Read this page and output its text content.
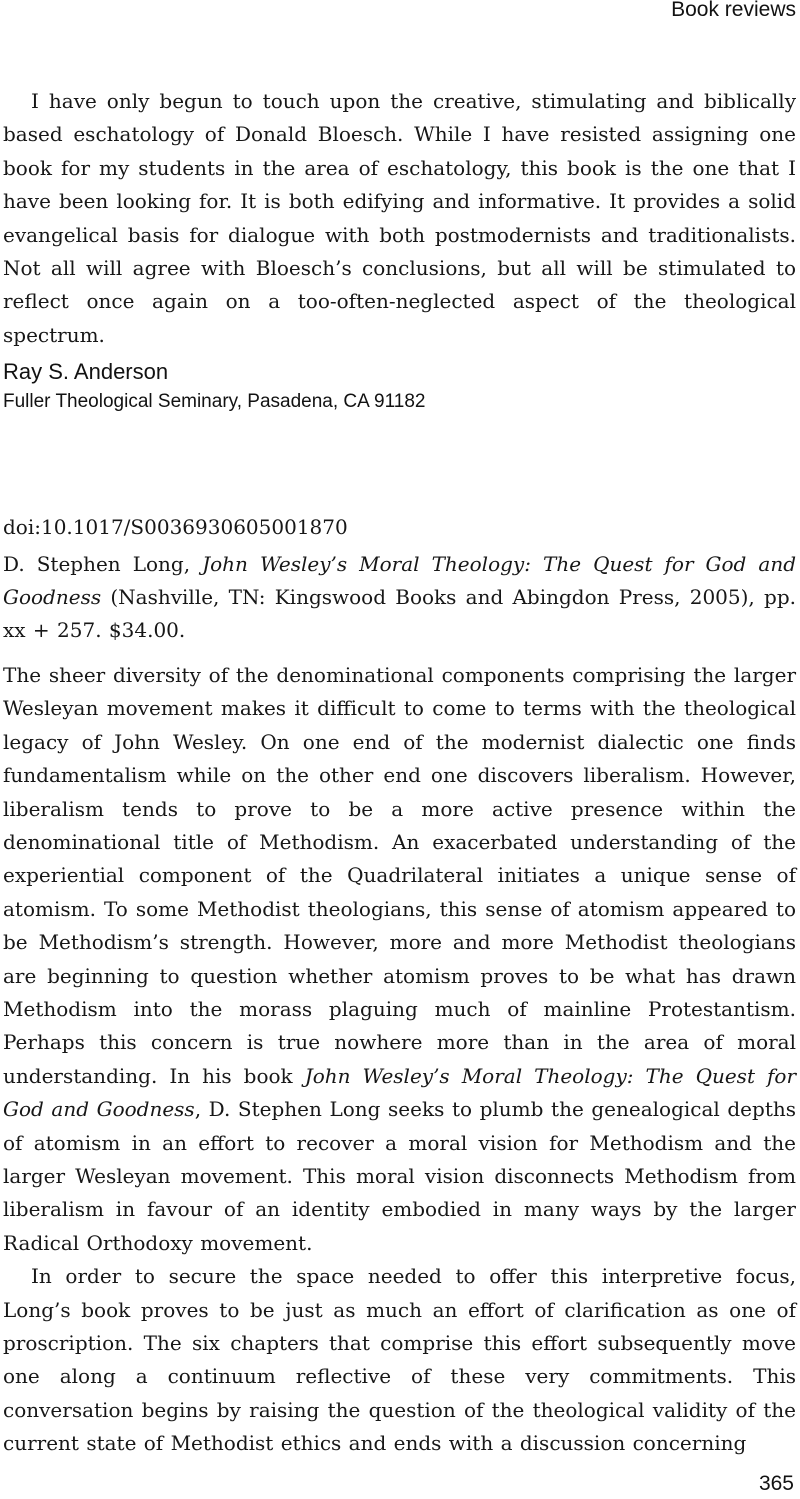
Book reviews

I have only begun to touch upon the creative, stimulating and biblically based eschatology of Donald Bloesch. While I have resisted assigning one book for my students in the area of eschatology, this book is the one that I have been looking for. It is both edifying and informative. It provides a solid evangelical basis for dialogue with both postmodernists and traditionalists. Not all will agree with Bloesch’s conclusions, but all will be stimulated to reflect once again on a too-often-neglected aspect of the theological spectrum.

Ray S. Anderson

Fuller Theological Seminary, Pasadena, CA 91182

doi:10.1017/S0036930605001870

D. Stephen Long, John Wesley’s Moral Theology: The Quest for God and Goodness (Nashville, TN: Kingswood Books and Abingdon Press, 2005), pp. xx + 257. $34.00.

The sheer diversity of the denominational components comprising the larger Wesleyan movement makes it difficult to come to terms with the theological legacy of John Wesley. On one end of the modernist dialectic one finds fundamentalism while on the other end one discovers liberalism. However, liberalism tends to prove to be a more active presence within the denominational title of Methodism. An exacerbated understanding of the experiential component of the Quadrilateral initiates a unique sense of atomism. To some Methodist theologians, this sense of atomism appeared to be Methodism’s strength. However, more and more Methodist theologians are beginning to question whether atomism proves to be what has drawn Methodism into the morass plaguing much of mainline Protestantism. Perhaps this concern is true nowhere more than in the area of moral understanding. In his book John Wesley’s Moral Theology: The Quest for God and Goodness, D. Stephen Long seeks to plumb the genealogical depths of atomism in an effort to recover a moral vision for Methodism and the larger Wesleyan movement. This moral vision disconnects Methodism from liberalism in favour of an identity embodied in many ways by the larger Radical Orthodoxy movement.

In order to secure the space needed to offer this interpretive focus, Long’s book proves to be just as much an effort of clarification as one of proscription. The six chapters that comprise this effort subsequently move one along a continuum reflective of these very commitments. This conversation begins by raising the question of the theological validity of the current state of Methodist ethics and ends with a discussion concerning

365
